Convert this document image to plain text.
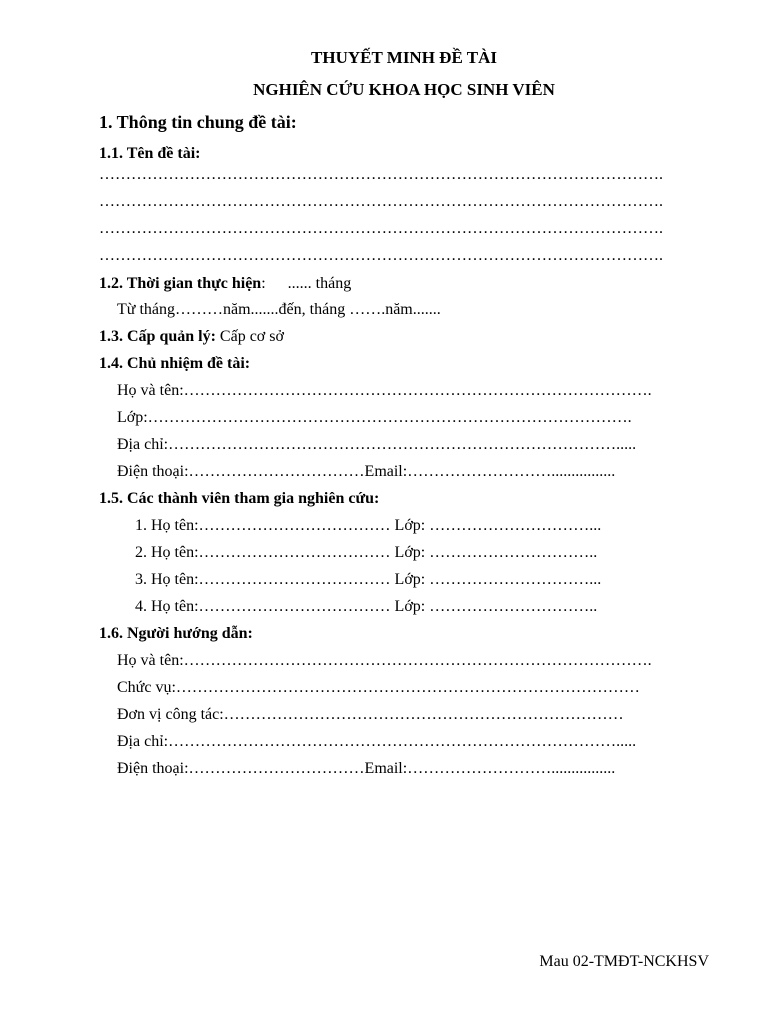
THUYẾT MINH ĐỀ TÀI
NGHIÊN CỨU KHOA HỌC SINH VIÊN
1. Thông tin chung đề tài:
1.1. Tên đề tài:
…………………………………………………………………………………………….
…………………………………………………………………………………………….
…………………………………………………………………………………………….
…………………………………………………………………………………………….
1.2. Thời gian thực hiện: ...... tháng
Từ tháng………năm.......đến, tháng …….năm.......
1.3. Cấp quản lý: Cấp cơ sở
1.4. Chủ nhiệm đề tài:
Họ và tên:…………………………………………………………………………….
Lớp:……………………………………………………………………………….
Địa chỉ:………………………………………………………………………….....
Điện thoại:……………………………Email:………………………................
1.5. Các thành viên tham gia nghiên cứu:
1. Họ tên:……………………………… Lớp: …………………………...
2. Họ tên:……………………………… Lớp: …………………………..
3. Họ tên:……………………………… Lớp: …………………………...
4. Họ tên:……………………………… Lớp: …………………………..
1.6. Người hướng dẫn:
Họ và tên:…………………………………………………………………………….
Chức vụ:……………………………………………………………………………
Đơn vị công tác:…………………………………………………………………
Địa chỉ:………………………………………………………………………….....
Điện thoại:……………………………Email:………………………................
Mau 02-TMĐT-NCKHSV
